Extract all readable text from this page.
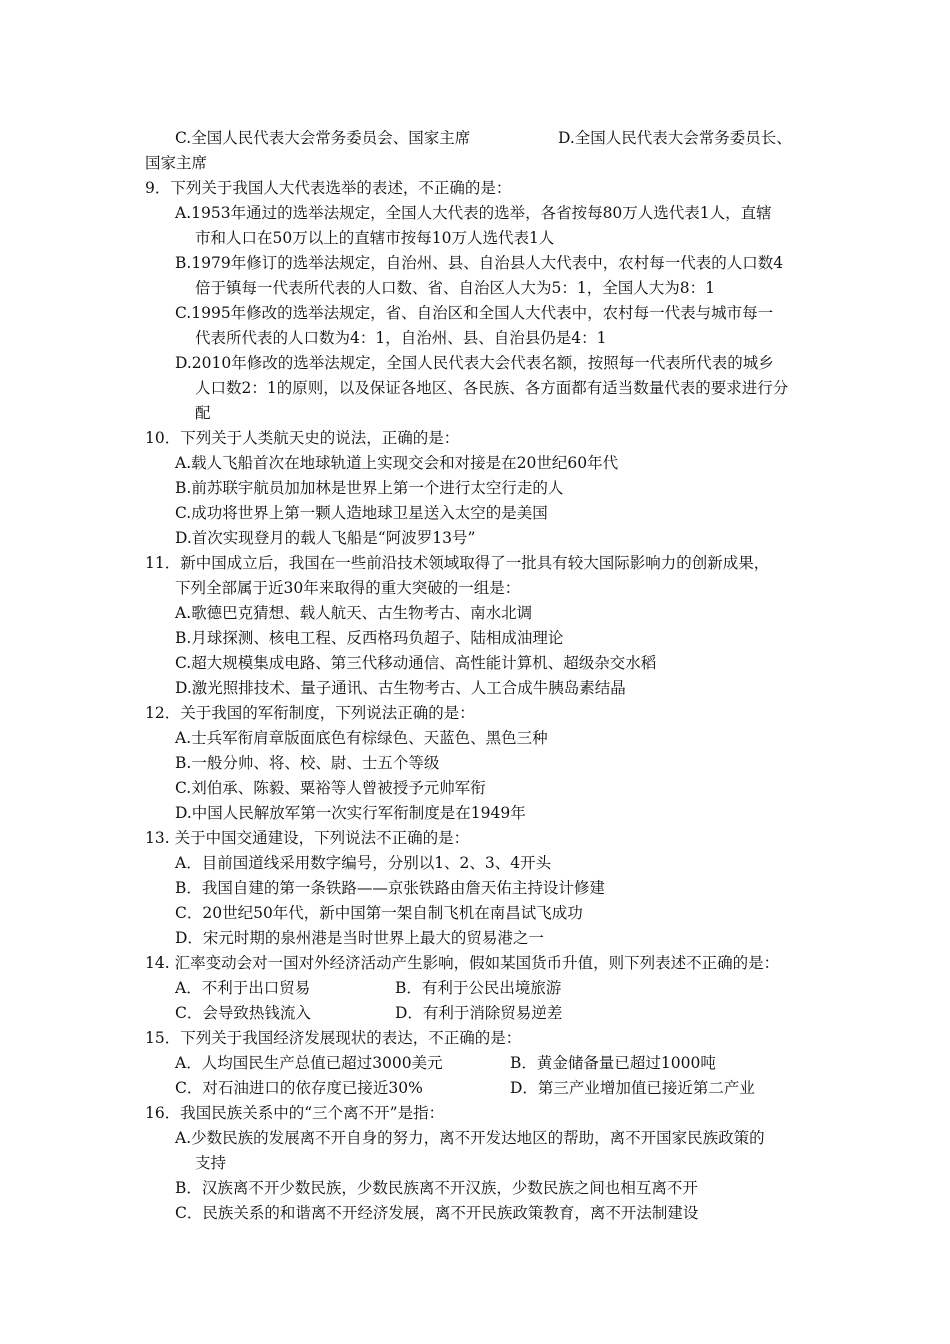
C.全国人民代表大会常务委员会、国家主席	D.全国人民代表大会常务委员长、
国家主席
9．下列关于我国人大代表选举的表述，不正确的是：
A.1953年通过的选举法规定，全国人大代表的选举，各省按每80万人选代表1人，直辖
市和人口在50万以上的直辖市按每10万人选代表1人
B.1979年修订的选举法规定，自治州、县、自治县人大代表中，农村每一代表的人口数4
倍于镇每一代表所代表的人口数、省、自治区人大为5：1，全国人大为8：1
C.1995年修改的选举法规定，省、自治区和全国人大代表中，农村每一代表与城市每一
代表所代表的人口数为4：1，自治州、县、自治县仍是4：1
D.2010年修改的选举法规定，全国人民代表大会代表名额，按照每一代表所代表的城乡
人口数2：1的原则，以及保证各地区、各民族、各方面都有适当数量代表的要求进行分
配
10．下列关于人类航天史的说法，正确的是：
A.载人飞船首次在地球轨道上实现交会和对接是在20世纪60年代
B.前苏联宇航员加加林是世界上第一个进行太空行走的人
C.成功将世界上第一颗人造地球卫星送入太空的是美国
D.首次实现登月的载人飞船是“阿波罗13号”
11．新中国成立后，我国在一些前沿技术领域取得了一批具有较大国际影响力的创新成果，
下列全部属于近30年来取得的重大突破的一组是：
A.歌德巴克猜想、载人航天、古生物考古、南水北调
B.月球探测、核电工程、反西格玛负超子、陆相成油理论
C.超大规模集成电路、第三代移动通信、高性能计算机、超级杂交水稻
D.激光照排技术、量子通讯、古生物考古、人工合成牛胰岛素结晶
12．关于我国的军衔制度，下列说法正确的是：
A.士兵军衔肩章版面底色有棕绿色、天蓝色、黑色三种
B.一般分帅、将、校、尉、士五个等级
C.刘伯承、陈毅、粟裕等人曾被授予元帅军衔
D.中国人民解放军第一次实行军衔制度是在1949年
13. 关于中国交通建设，下列说法不正确的是：
A．目前国道线采用数字编号，分别以1、2、3、4开头
B．我国自建的第一条铁路——京张铁路由詹天佑主持设计修建
C．20世纪50年代，新中国第一架自制飞机在南昌试飞成功
D．宋元时期的泉州港是当时世界上最大的贸易港之一
14. 汇率变动会对一国对外经济活动产生影响，假如某国货币升值，则下列表述不正确的是：
A．不利于出口贸易	B．有利于公民出境旅游
C．会导致热钱流入	D．有利于消除贸易逆差
15．下列关于我国经济发展现状的表达，不正确的是：
A．人均国民生产总值已超过3000美元	B．黄金储备量已超过1000吨
C．对石油进口的依存度已接近30%	D．第三产业增加值已接近第二产业
16．我国民族关系中的“三个离不开”是指：
A.少数民族的发展离不开自身的努力，离不开发达地区的帮助，离不开国家民族政策的
支持
B．汉族离不开少数民族，少数民族离不开汉族，少数民族之间也相互离不开
C．民族关系的和谐离不开经济发展，离不开民族政策教育，离不开法制建设
